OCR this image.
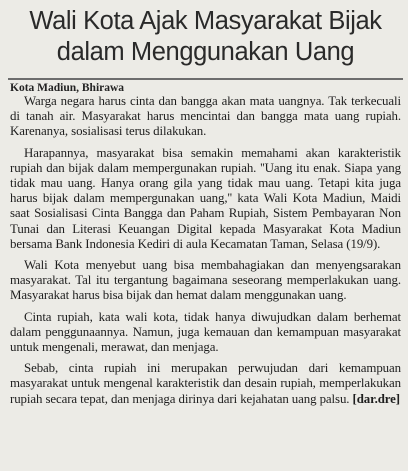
Wali Kota Ajak Masyarakat Bijak
dalam Menggunakan Uang
Kota Madiun, Bhirawa

Warga negara harus cinta dan bangga akan mata uangnya. Tak terkecuali di tanah air. Masyarakat harus mencintai dan bangga mata uang rupiah. Karenanya, sosialisasi terus dilakukan.

Harapannya, masyarakat bisa semakin memahami akan karakteristik rupiah dan bijak dalam mempergunakan rupiah. ''Uang itu enak. Siapa yang tidak mau uang. Hanya orang gila yang tidak mau uang. Tetapi kita juga harus bijak dalam mempergunakan uang,'' kata Wali Kota Madiun, Maidi saat Sosialisasi Cinta Bangga dan Paham Rupiah, Sistem Pembayaran Non Tunai dan Literasi Keuangan Digital kepada Masyarakat Kota Madiun bersama Bank Indonesia Kediri di aula Kecamatan Taman, Selasa (19/9).

Wali Kota menyebut uang bisa membahagiakan dan menyengsarakan masyarakat. Tal itu tergantung bagaimana seseorang memperlakukan uang. Masyarakat harus bisa bijak dan hemat dalam menggunakan uang.

Cinta rupiah, kata wali kota, tidak hanya diwujudkan dalam berhemat dalam penggunaannya. Namun, juga kemauan dan kemampuan masyarakat untuk mengenali, merawat, dan menjaga.

Sebab, cinta rupiah ini merupakan perwujudan dari kemampuan masyarakat untuk mengenal karakteristik dan desain rupiah, memperlakukan rupiah secara tepat, dan menjaga dirinya dari kejahatan uang palsu. [dar.dre]
